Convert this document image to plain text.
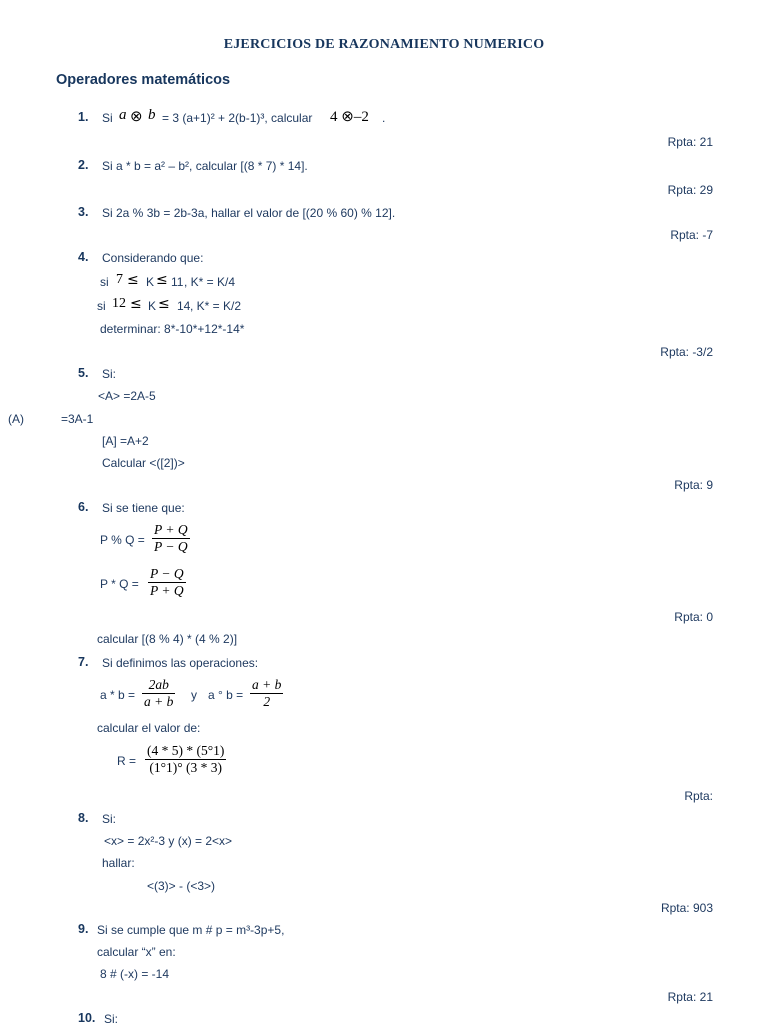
EJERCICIOS DE RAZONAMIENTO NUMERICO
Operadores matemáticos
1. Si a ⊗ b = 3 (a+1)² + 2(b-1)³, calcular 4 ⊗–2 .
Rpta: 21
2. Si a * b = a² – b², calcular [(8 * 7) * 14].
Rpta: 29
3. Si 2a % 3b = 2b-3a, hallar el valor de [(20 % 60) % 12].
Rpta: -7
4. Considerando que:
si 7 ≤ K ≤ 11 , K* = K/4
si 12 ≤ K ≤ 14 , K* = K/2
determinar: 8*-10*+12*-14*
Rpta: -3/2
5. Si:
<A> =2A-5
(A)	=3A-1
[A] =A+2
Calcular <([2])>
Rpta: 9
6. Si se tiene que:
P % $Q = \frac{P + Q}{P - Q}$
$P * Q = \frac{P - Q}{P + Q}$
Rpta: 0
calcular [(8 % 4) * (4 % 2)]
7. Si definimos las operaciones:
$a * b = \frac{2ab}{a + b}$ y a ° $b = \frac{a + b}{2}$
calcular el valor de:
$R = \frac{(4 * 5) * (5^\circ 1)}{(1^\circ 1)^\circ (3 * 3)}$
Rpta:
8. Si:
<x> = 2x²-3 y (x) = 2<x>
hallar:
<(3)> - (<3>)
Rpta: 903
9. Si se cumple que m # p = m³-3p+5,
calcular “x” en:
8 # (-x) = -14
Rpta: 21
10. Si:
